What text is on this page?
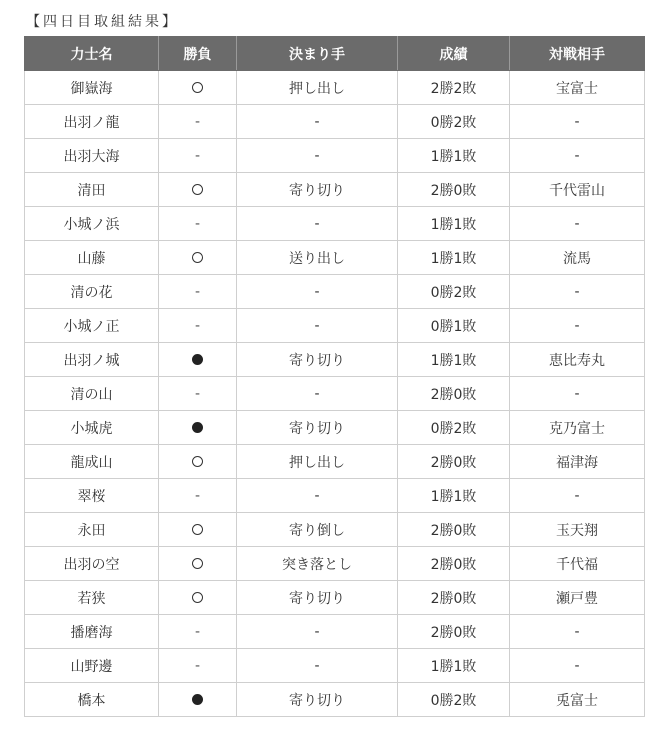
【四日目取組結果】
力士名	勝負	決まり手	成績	対戦相手
御嶽海		押し出し	2勝2敗	宝富士
出羽ノ龍	-	-	0勝2敗	-
出羽大海	-	-	1勝1敗	-
清田		寄り切り	2勝0敗	千代雷山
小城ノ浜	-	-	1勝1敗	-
山藤		送り出し	1勝1敗	流馬
清の花	-	-	0勝2敗	-
小城ノ正	-	-	0勝1敗	-
出羽ノ城		寄り切り	1勝1敗	恵比寿丸
清の山	-	-	2勝0敗	-
小城虎		寄り切り	0勝2敗	克乃富士
龍成山		押し出し	2勝0敗	福津海
翠桜	-	-	1勝1敗	-
永田		寄り倒し	2勝0敗	玉天翔
出羽の空		突き落とし	2勝0敗	千代福
若狭		寄り切り	2勝0敗	瀬戸豊
播磨海	-	-	2勝0敗	-
山野邊	-	-	1勝1敗	-
橋本		寄り切り	0勝2敗	兎富士
